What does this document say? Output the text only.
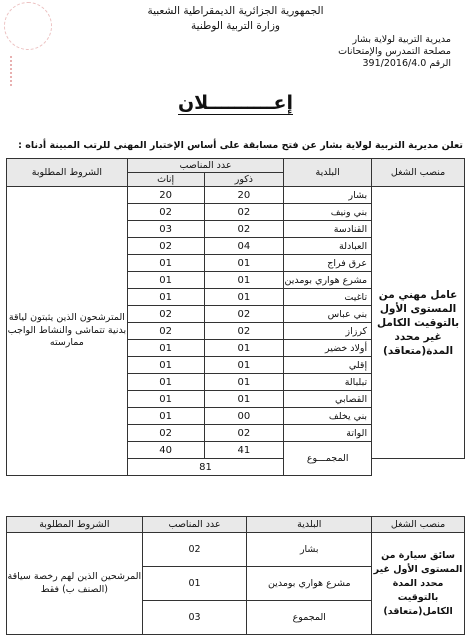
الجمهورية الجزائرية الديمقراطية الشعبية
وزارة التربية الوطنية
مديرية التربية لولاية بشار
مصلحة التمدرس والإمتحانات
الرقم 391/2016/4.0
إعــــــــــلان
تعلن مديرية التربية لولاية بشار عن فتح مسابقة على أساس الإختبار المهني للرتب المبينة أدناه :
منصب الشغل	البلدية	عدد المناصب		الشروط المطلوبة
		ذكور	إناث	
عامل مهني من المستوى الأول بالتوقيت الكامل غير محدد المدة(متعاقد)	بشار	20	20	المترشحون الذين يثبتون لياقة بدنية تتماشى والنشاط الواجب ممارسته
	بني ونيف	02	02	
	القنادسة	02	03	
	العبادلة	04	02	
	عرق فراج	01	01	
	مشرع هواري بومدين	01	01	
	تاغيت	01	01	
	بني عباس	02	02	
	كرزاز	02	02	
	أولاد خضير	01	01	
	إقلي	01	01	
	تبلبالة	01	01	
	القصابي	01	01	
	بني يخلف	00	01	
	الواتة	02	02	
	المجمـــوع	41	40	
		81		
منصب الشغل	البلدية	عدد المناصب	الشروط المطلوبة
سائق سيارة من المستوى الأول غير محدد المدة بالتوقيت الكامل(متعاقد)	بشار	02	المرشحين الذين لهم رخصة سياقة (الصنف ب) فقط
	مشرع هواري بومدين	01	
	المجموع	03	
